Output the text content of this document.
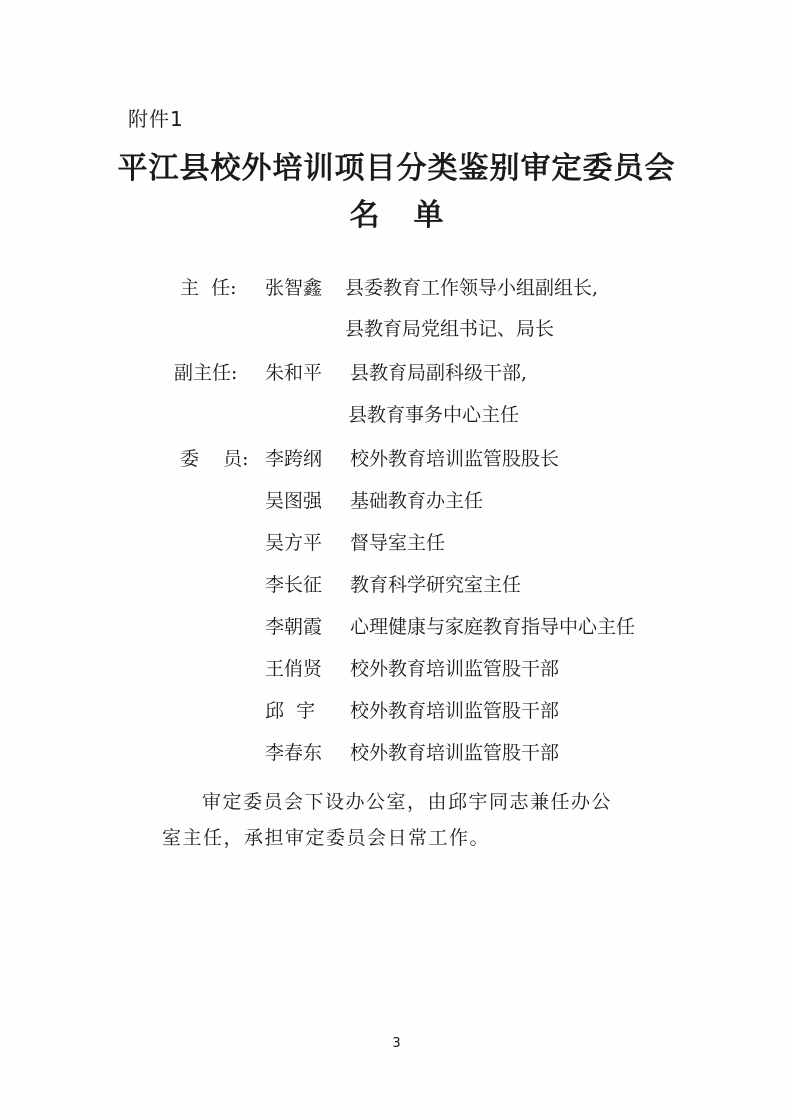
附件1
平江县校外培训项目分类鉴别审定委员会
名单
主  任: 张智鑫 县委教育工作领导小组副组长,
县教育局党组书记、局长
副主任: 朱和平 县教育局副科级干部,
县教育事务中心主任
委    员: 李跨纲 校外教育培训监管股股长
吴图强 基础教育办主任
吴方平 督导室主任
李长征 教育科学研究室主任
李朝霞 心理健康与家庭教育指导中心主任
王俏贤 校外教育培训监管股干部
邱  宇 校外教育培训监管股干部
李春东 校外教育培训监管股干部
审定委员会下设办公室，由邱宇同志兼任办公室主任，承担审定委员会日常工作。
3
